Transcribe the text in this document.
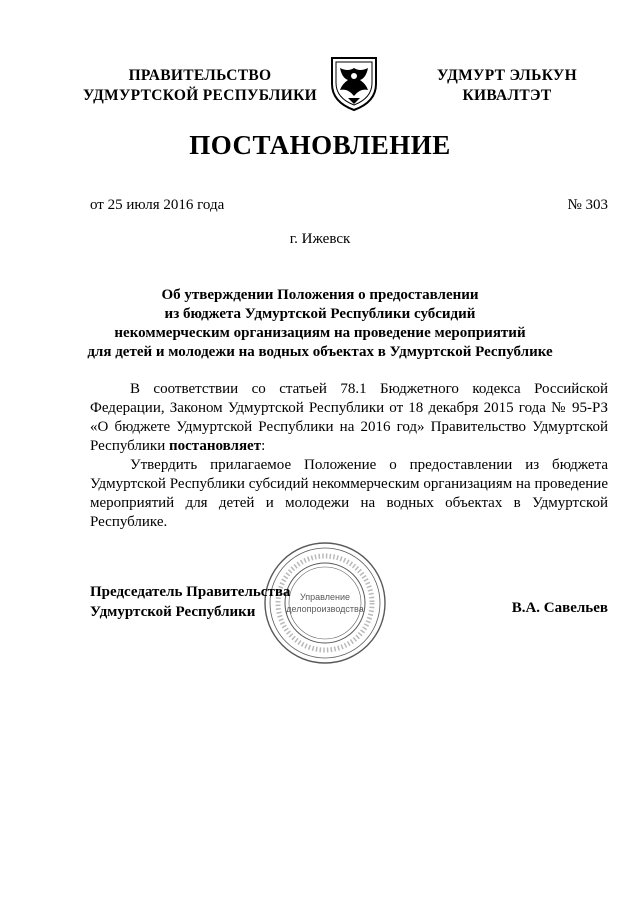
ПРАВИТЕЛЬСТВО
УДМУРТСКОЙ РЕСПУБЛИКИ
УДМУРТ ЭЛЬКУН
КИВАЛТЭТ
ПОСТАНОВЛЕНИЕ
от 25 июля 2016 года	№ 303
г. Ижевск
Об утверждении Положения о предоставлении
из бюджета Удмуртской Республики субсидий
некоммерческим организациям на проведение мероприятий
для детей и молодежи на водных объектах в Удмуртской Республике

В соответствии со статьей 78.1 Бюджетного кодекса Российской Федерации, Законом Удмуртской Республики от 18 декабря 2015 года № 95-РЗ «О бюджете Удмуртской Республики на 2016 год» Правительство Удмуртской Республики постановляет:

Утвердить прилагаемое Положение о предоставлении из бюджета Удмуртской Республики субсидий некоммерческим организациям на проведение мероприятий для детей и молодежи на водных объектах в Удмуртской Республике.

Управление
делопроизводства
Председатель Правительства
Удмуртской Республики	В.А. Савельев
